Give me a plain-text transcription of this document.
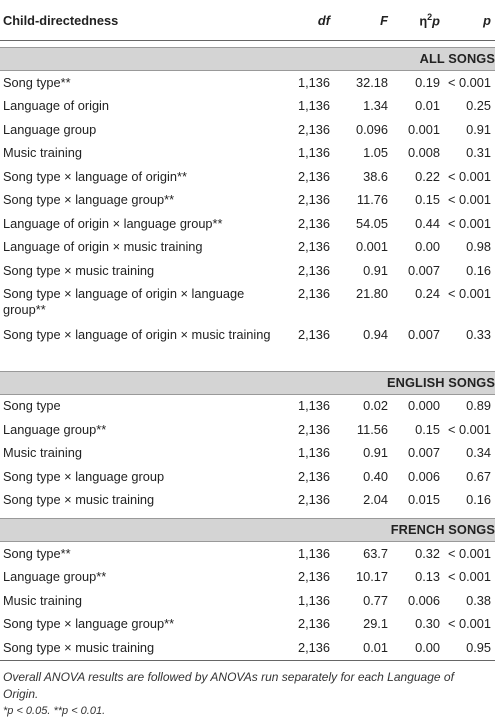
Child-directedness	df	F	$\eta^2p$	p

ALL SONGS				
Song type**	1,136	32.18	0.19	< 0.001
Language of origin	1,136	1.34	0.01	0.25
Language group	2,136	0.096	0.001	0.91
Music training	1,136	1.05	0.008	0.31
Song type × language of origin**	2,136	38.6	0.22	< 0.001
Song type × language group**	2,136	11.76	0.15	< 0.001
Language of origin × language group**	2,136	54.05	0.44	< 0.001
Language of origin × music training	2,136	0.001	0.00	0.98
Song type × music training	2,136	0.91	0.007	0.16
Song type × language of origin × language group**	2,136	21.80	0.24	< 0.001
Song type × language of origin × music training	2,136	0.94	0.007	0.33

ENGLISH SONGS				
Song type	1,136	0.02	0.000	0.89
Language group**	2,136	11.56	0.15	< 0.001
Music training	1,136	0.91	0.007	0.34
Song type × language group	2,136	0.40	0.006	0.67
Song type × music training	2,136	2.04	0.015	0.16

FRENCH SONGS				
Song type**	1,136	63.7	0.32	< 0.001
Language group**	2,136	10.17	0.13	< 0.001
Music training	1,136	0.77	0.006	0.38
Song type × language group**	2,136	29.1	0.30	< 0.001
Song type × music training	2,136	0.01	0.00	0.95
Overall ANOVA results are followed by ANOVAs run separately for each Language of Origin.
*p < 0.05. **p < 0.01.
